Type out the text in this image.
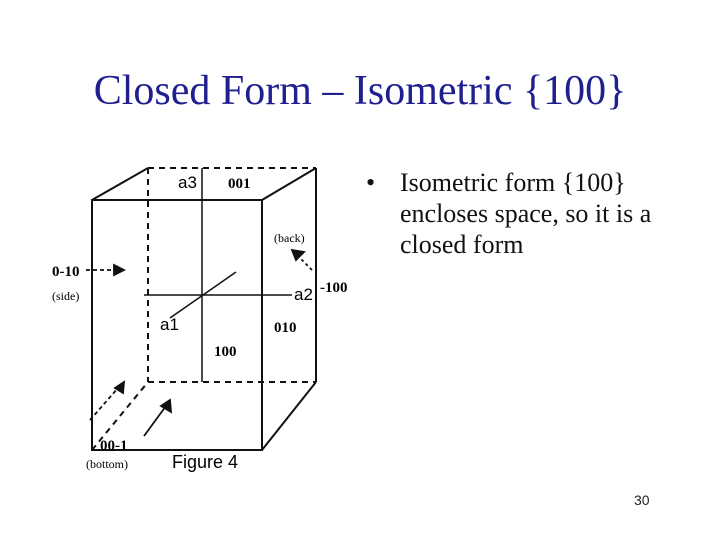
Closed Form – Isometric {100}
a3 001
(back)
-100
a2
0-10
(side)
a1	010
100
00-1
(bottom) Figure 4
• Isometric form {100} encloses space, so it is a closed form
30
